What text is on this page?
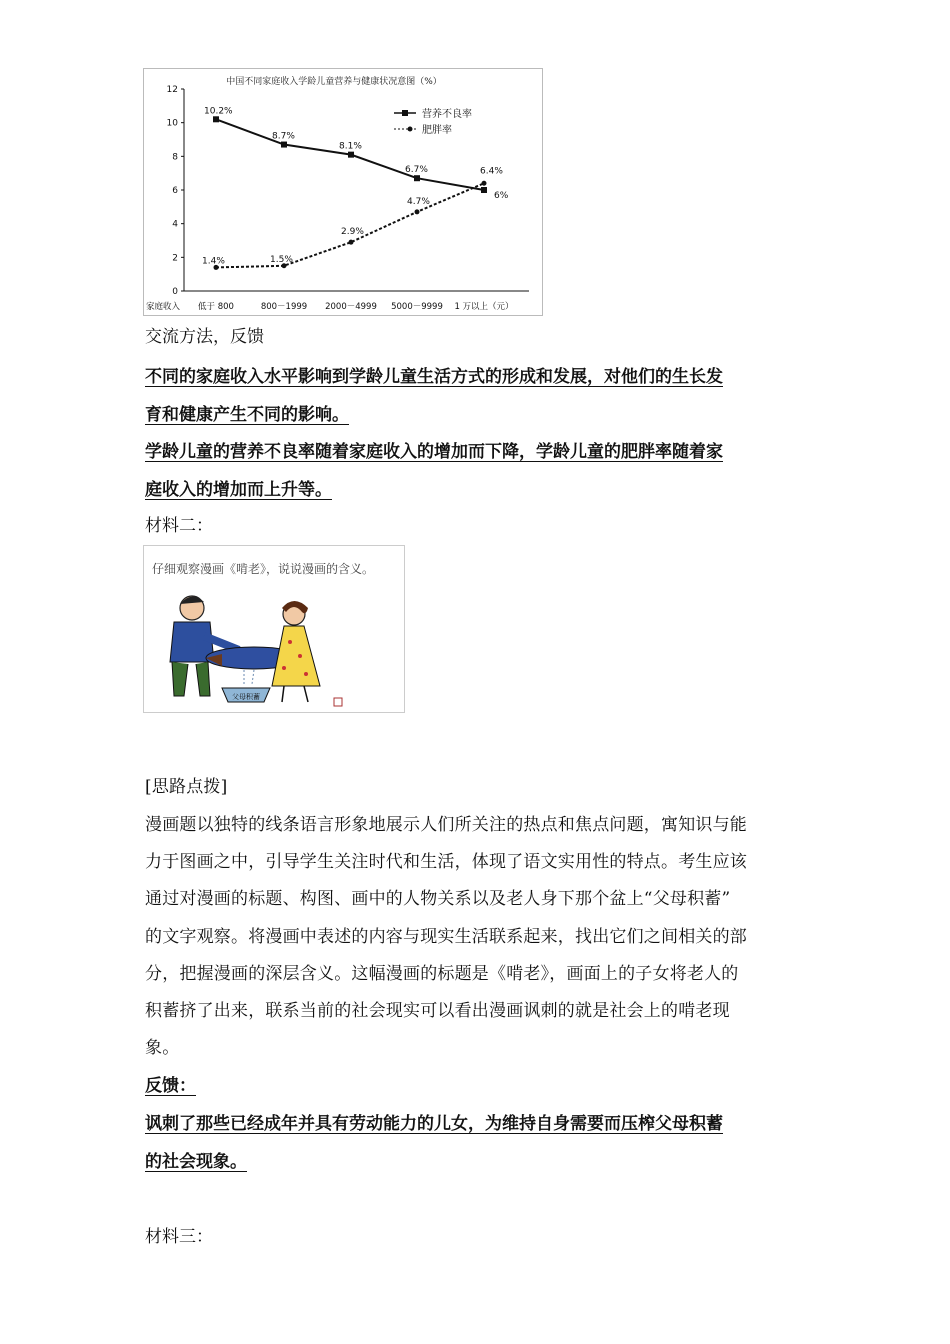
中国不同家庭收入学龄儿童营养与健康状况意图（%）
0
2
4
6
8
10
12
家庭收入 低于 800	800－1999 2000－4999 5000－9999 1 万以上（元）
10.2%
8.7%
8.1%
6.7%
6%
1.4%	1.5%
2.9%
4.7%
6.4%
营养不良率
肥胖率
交流方法，反馈
不同的家庭收入水平影响到学龄儿童生活方式的形成和发展，对他们的生长发
育和健康产生不同的影响。
学龄儿童的营养不良率随着家庭收入的增加而下降，学龄儿童的肥胖率随着家
庭收入的增加而上升等。
材料二：
仔细观察漫画《啃老》，说说漫画的含义。
父母积蓄
[思路点拨]
漫画题以独特的线条语言形象地展示人们所关注的热点和焦点问题，寓知识与能
力于图画之中，引导学生关注时代和生活，体现了语文实用性的特点。考生应该
通过对漫画的标题、构图、画中的人物关系以及老人身下那个盆上“父母积蓄”
的文字观察。将漫画中表述的内容与现实生活联系起来，找出它们之间相关的部
分，把握漫画的深层含义。这幅漫画的标题是《啃老》，画面上的子女将老人的
积蓄挤了出来，联系当前的社会现实可以看出漫画讽刺的就是社会上的啃老现
象。
反馈：
讽刺了那些已经成年并具有劳动能力的儿女，为维持自身需要而压榨父母积蓄
的社会现象。
材料三：
